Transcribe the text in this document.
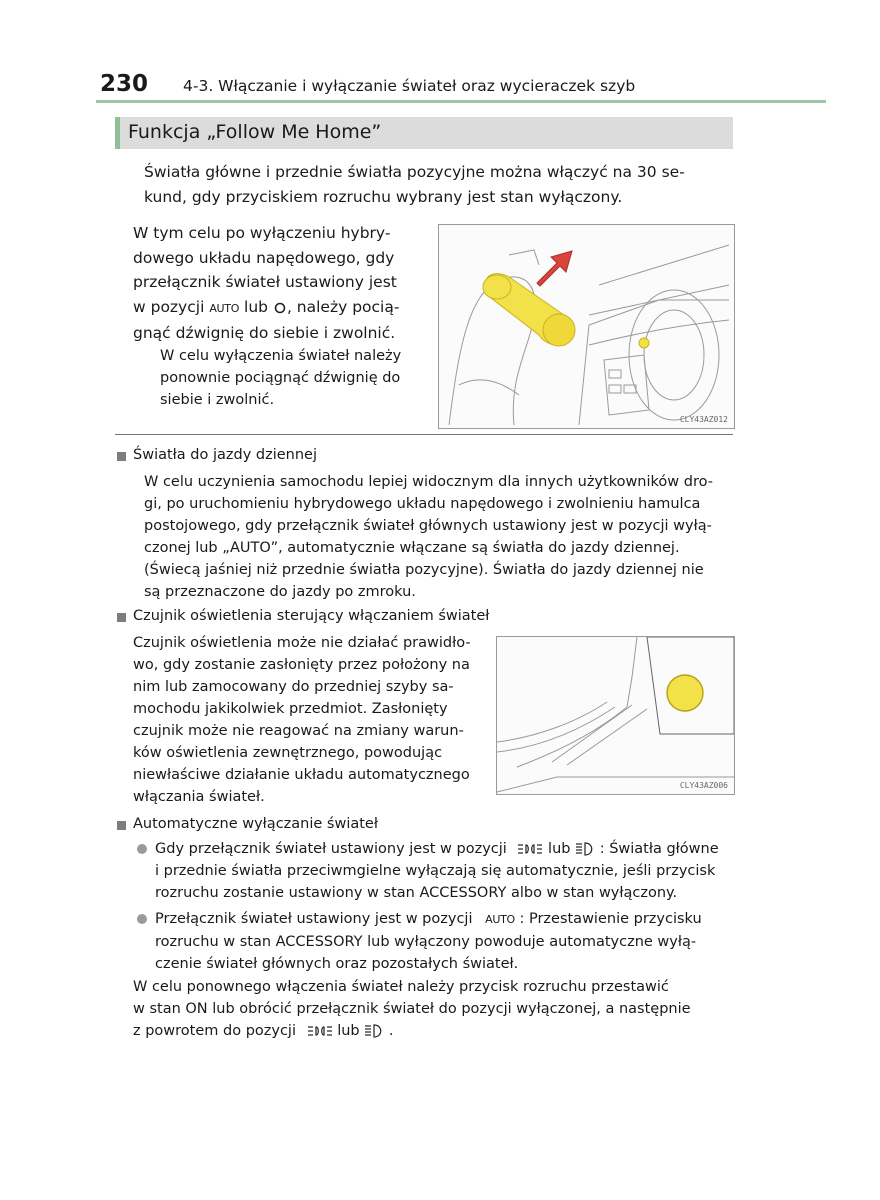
230 4-3. Włączanie i wyłączanie świateł oraz wycieraczek szyb
Funkcja „Follow Me Home”
Światła główne i przednie światła pozycyjne można włączyć na 30 se-
kund, gdy przyciskiem rozruchu wybrany jest stan wyłączony.
W tym celu po wyłączeniu hybry-
dowego układu napędowego, gdy
przełącznik świateł ustawiony jest
w pozycji AUTO lub , należy pocią-
gnąć dźwignię do siebie i zwolnić.
W celu wyłączenia świateł należy
ponownie pociągnąć dźwignię do
siebie i zwolnić.
CLY43AZ012
Światła do jazdy dziennej
W celu uczynienia samochodu lepiej widocznym dla innych użytkowników dro-
gi, po uruchomieniu hybrydowego układu napędowego i zwolnieniu hamulca
postojowego, gdy przełącznik świateł głównych ustawiony jest w pozycji wyłą-
czonej lub „AUTO”, automatycznie włączane są światła do jazdy dziennej.
(Świecą jaśniej niż przednie światła pozycyjne). Światła do jazdy dziennej nie
są przeznaczone do jazdy po zmroku.
Czujnik oświetlenia sterujący włączaniem świateł
Czujnik oświetlenia może nie działać prawidło-
wo, gdy zostanie zasłonięty przez położony na
nim lub zamocowany do przedniej szyby sa-
mochodu jakikolwiek przedmiot. Zasłonięty
czujnik może nie reagować na zmiany warun-
ków oświetlenia zewnętrznego, powodując
niewłaściwe działanie układu automatycznego
włączania świateł.
CLY43AZ006
Automatyczne wyłączanie świateł
Gdy przełącznik świateł ustawiony jest w pozycji	lub : Światła główne
i przednie światła przeciwmgielne wyłączają się automatycznie, jeśli przycisk
rozruchu zostanie ustawiony w stan ACCESSORY albo w stan wyłączony.
Przełącznik świateł ustawiony jest w pozycji AUTO : Przestawienie przycisku
rozruchu w stan ACCESSORY lub wyłączony powoduje automatyczne wyłą-
czenie świateł głównych oraz pozostałych świateł.
W celu ponownego włączenia świateł należy przycisk rozruchu przestawić
w stan ON lub obrócić przełącznik świateł do pozycji wyłączonej, a następnie
z powrotem do pozycji	lub .
